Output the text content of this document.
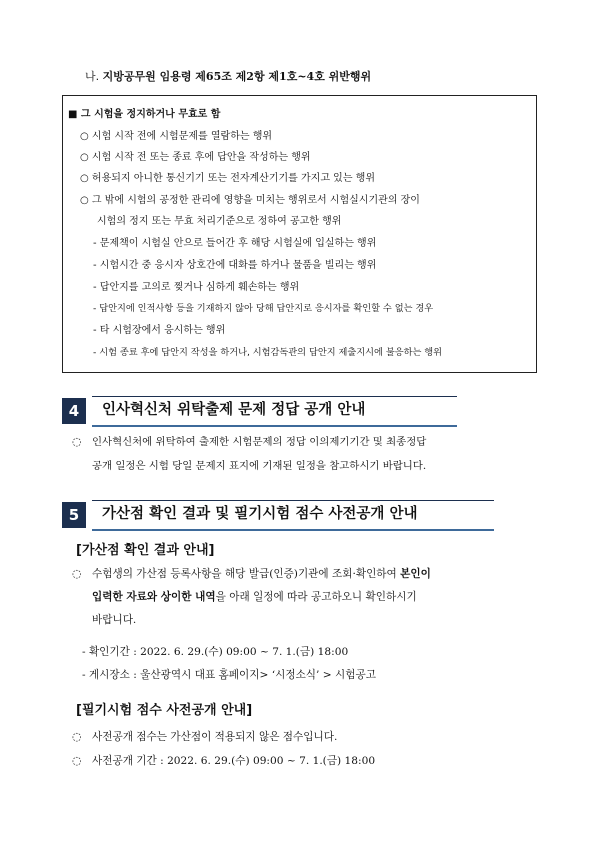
나. 지방공무원 임용령 제65조 제2항 제1호~4호 위반행위
■ 그 시험을 정지하거나 무효로 함
○ 시험 시작 전에 시험문제를 열람하는 행위
○ 시험 시작 전 또는 종료 후에 답안을 작성하는 행위
○ 허용되지 아니한 통신기기 또는 전자계산기기를 가지고 있는 행위
○ 그 밖에 시험의 공정한 관리에 영향을 미치는 행위로서 시험실시기관의 장이
시험의 정지 또는 무효 처리기준으로 정하여 공고한 행위
- 문제책이 시험실 안으로 들어간 후 해당 시험실에 입실하는 행위
- 시험시간 중 응시자 상호간에 대화를 하거나 물품을 빌리는 행위
- 답안지를 고의로 찢거나 심하게 훼손하는 행위
- 답안지에 인적사항 등을 기재하지 않아 당해 답안지로 응시자를 확인할 수 없는 경우
- 타 시험장에서 응시하는 행위
- 시험 종료 후에 답안지 작성을 하거나, 시험감독관의 답안지 제출지시에 불응하는 행위
4	인사혁신처 위탁출제 문제 정답 공개 안내
◌ 인사혁신처에 위탁하여 출제한 시험문제의 정답 이의제기기간 및 최종정답
공개 일정은 시험 당일 문제지 표지에 기재된 일정을 참고하시기 바랍니다.
5	가산점 확인 결과 및 필기시험 점수 사전공개 안내
[가산점 확인 결과 안내]
◌ 수험생의 가산점 등록사항을 해당 발급(인증)기관에 조회·확인하여 본인이
입력한 자료와 상이한 내역을 아래 일정에 따라 공고하오니 확인하시기
바랍니다.
- 확인기간 : 2022. 6. 29.(수) 09:00 ~ 7. 1.(금) 18:00
- 게시장소 : 울산광역시 대표 홈페이지> ‘시정소식’ > 시험공고
[필기시험 점수 사전공개 안내]
◌ 사전공개 점수는 가산점이 적용되지 않은 점수입니다.
◌ 사전공개 기간 : 2022. 6. 29.(수) 09:00 ~ 7. 1.(금) 18:00
